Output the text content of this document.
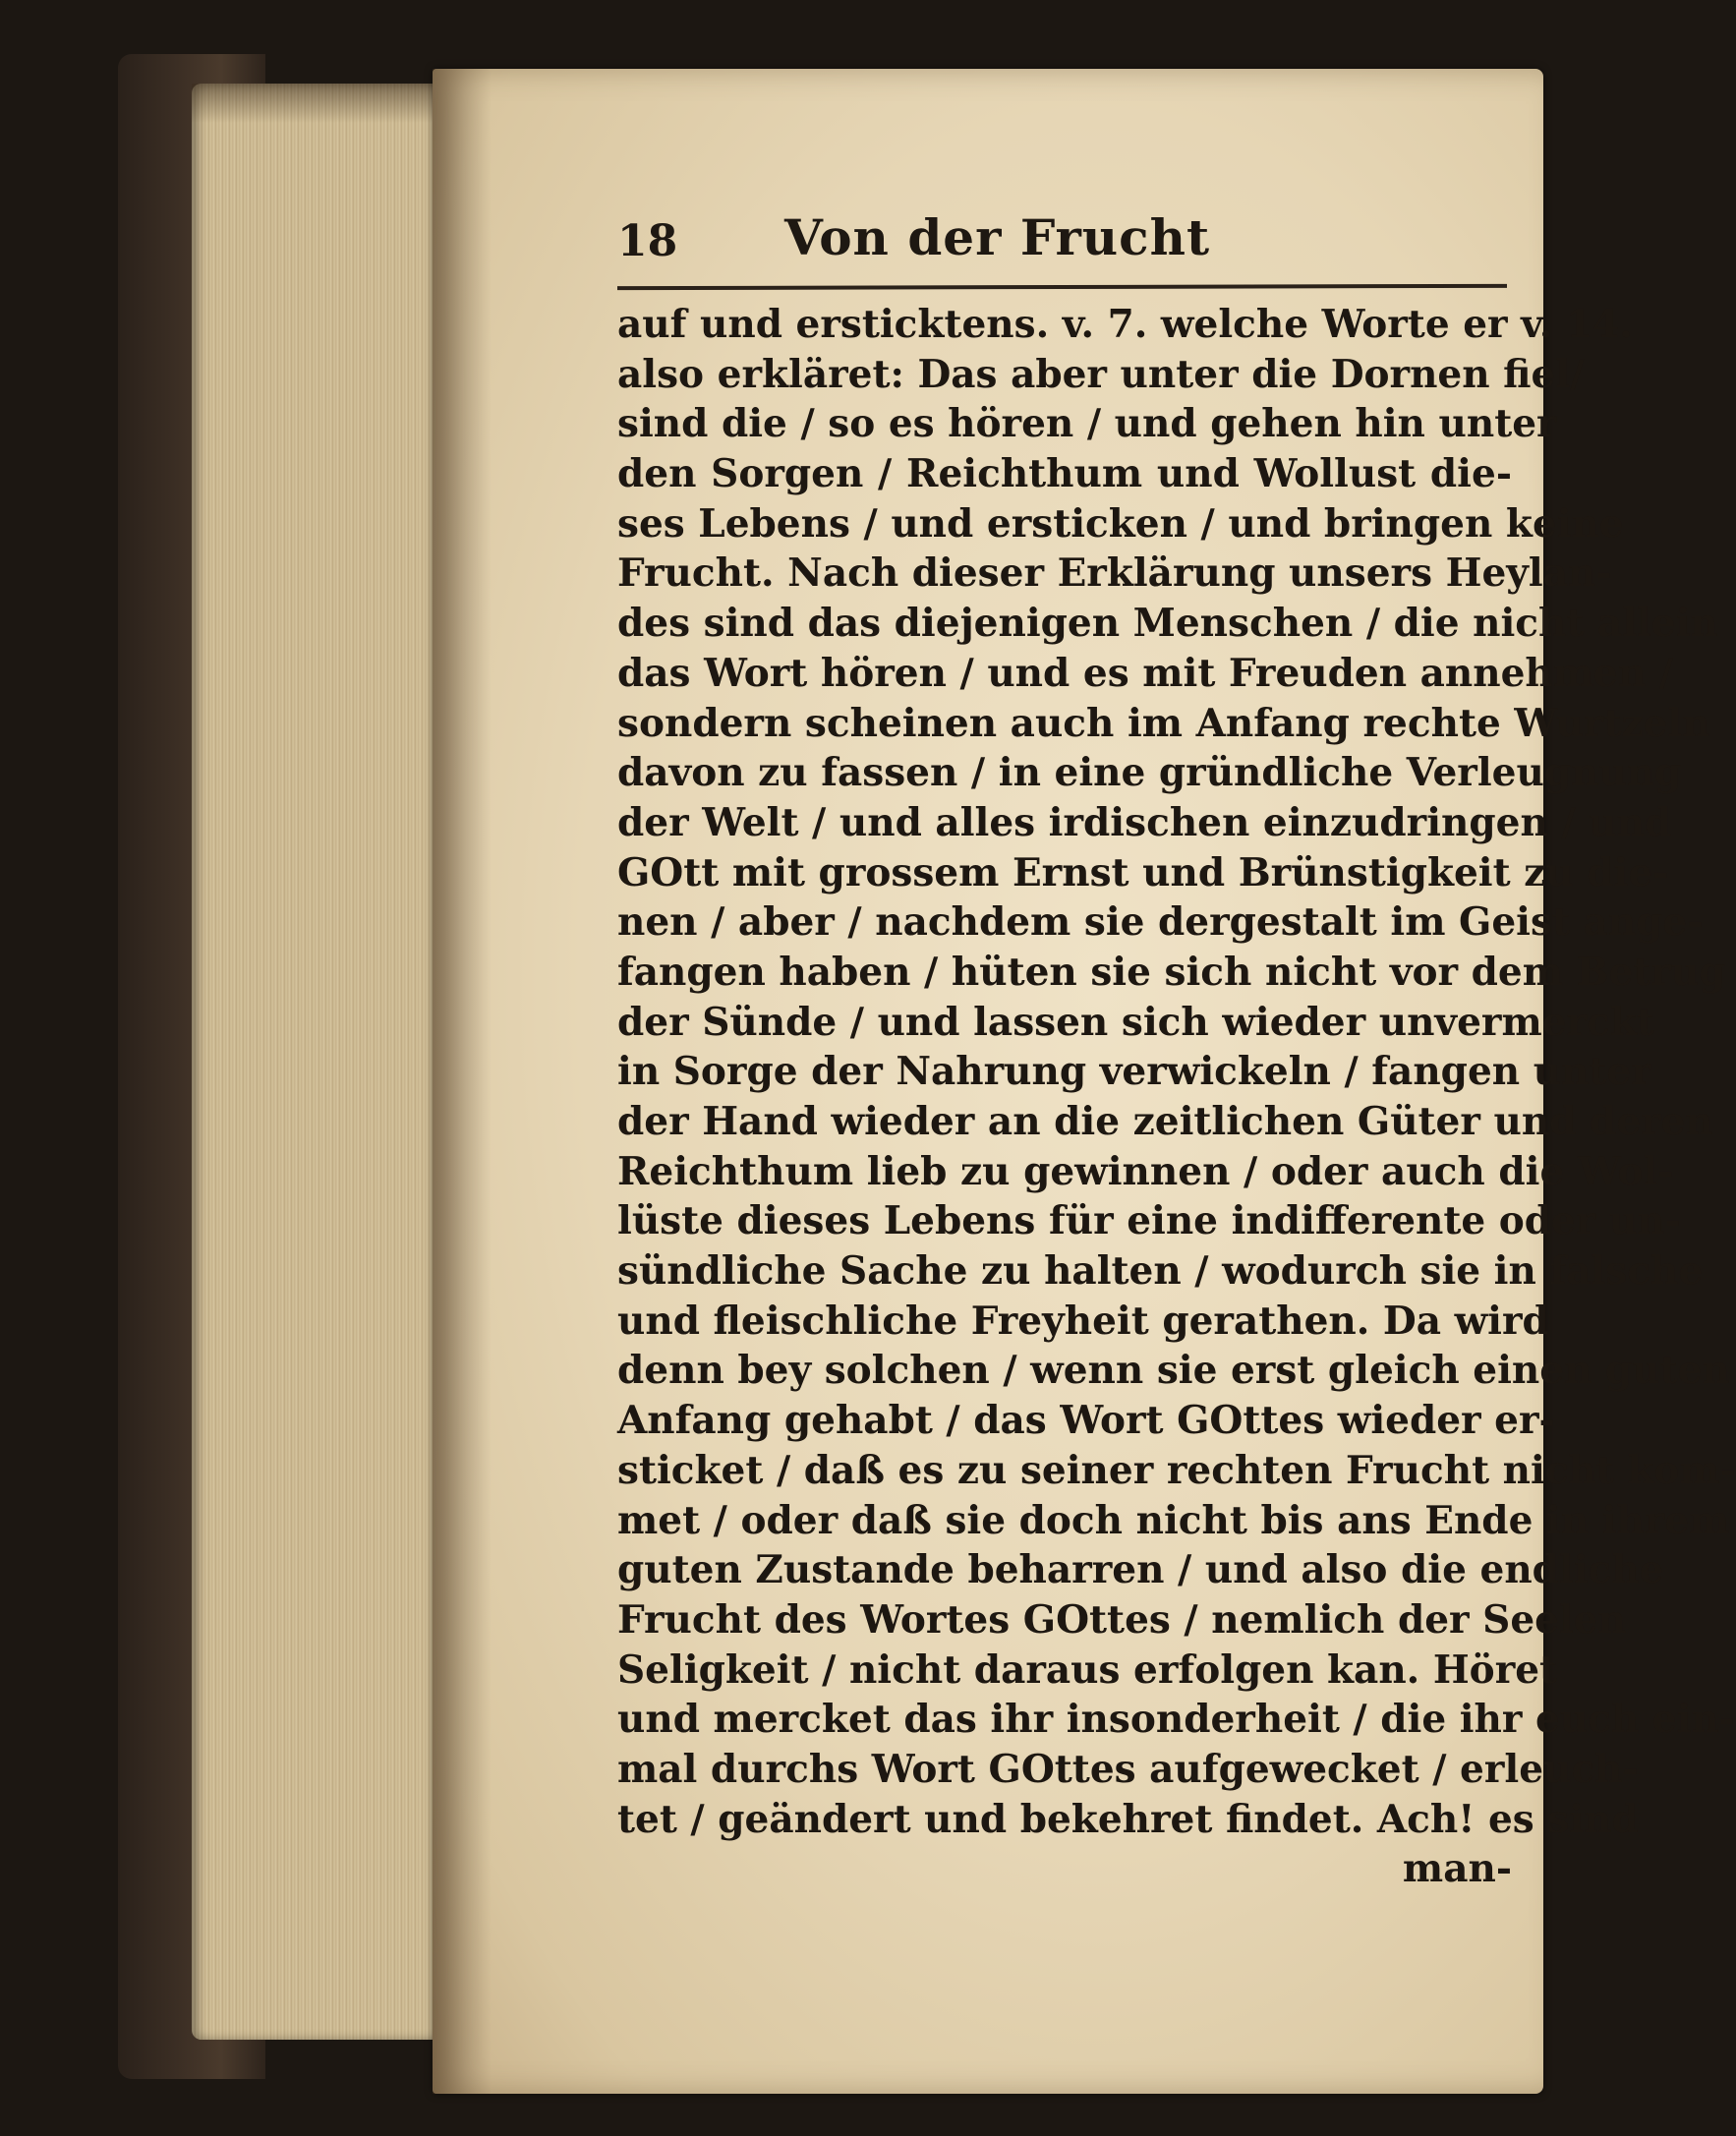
18 Von der Frucht
auf und ersticktens. v. 7. welche Worte er v. 14.
also erkläret: Das aber unter die Dornen fiel/
sind die / so es hören / und gehen hin unter
den Sorgen / Reichthum und Wollust die-
ses Lebens / und ersticken / und bringen keine
Frucht. Nach dieser Erklärung unsers Heylan-
des sind das diejenigen Menschen / die nicht allein
das Wort hören / und es mit Freuden annehmen /
sondern scheinen auch im Anfang rechte Wurtzeln
davon zu fassen / in eine gründliche Verleugnung
der Welt / und alles irdischen einzudringen / und
GOtt mit grossem Ernst und Brünstigkeit zu die-
nen / aber / nachdem sie dergestalt im Geist ange-
fangen haben / hüten sie sich nicht vor dem Betrug
der Sünde / und lassen sich wieder unvermerckt
in Sorge der Nahrung verwickeln / fangen unter
der Hand wieder an die zeitlichen Güter und deren
Reichthum lieb zu gewinnen / oder auch die Wol-
lüste dieses Lebens für eine indifferente oder un-
sündliche Sache zu halten / wodurch sie in falsche
und fleischliche Freyheit gerathen. Da wird
denn bey solchen / wenn sie erst gleich einen guten
Anfang gehabt / das Wort GOttes wieder er-
sticket / daß es zu seiner rechten Frucht nicht kom-
met / oder daß sie doch nicht bis ans Ende in ihrem
guten Zustande beharren / und also die endliche
Frucht des Wortes GOttes / nemlich der Seelen
Seligkeit / nicht daraus erfolgen kan. Höret
und mercket das ihr insonderheit / die ihr euch ein-
mal durchs Wort GOttes aufgewecket / erleuch-
tet / geändert und bekehret findet. Ach! es sind
man-
